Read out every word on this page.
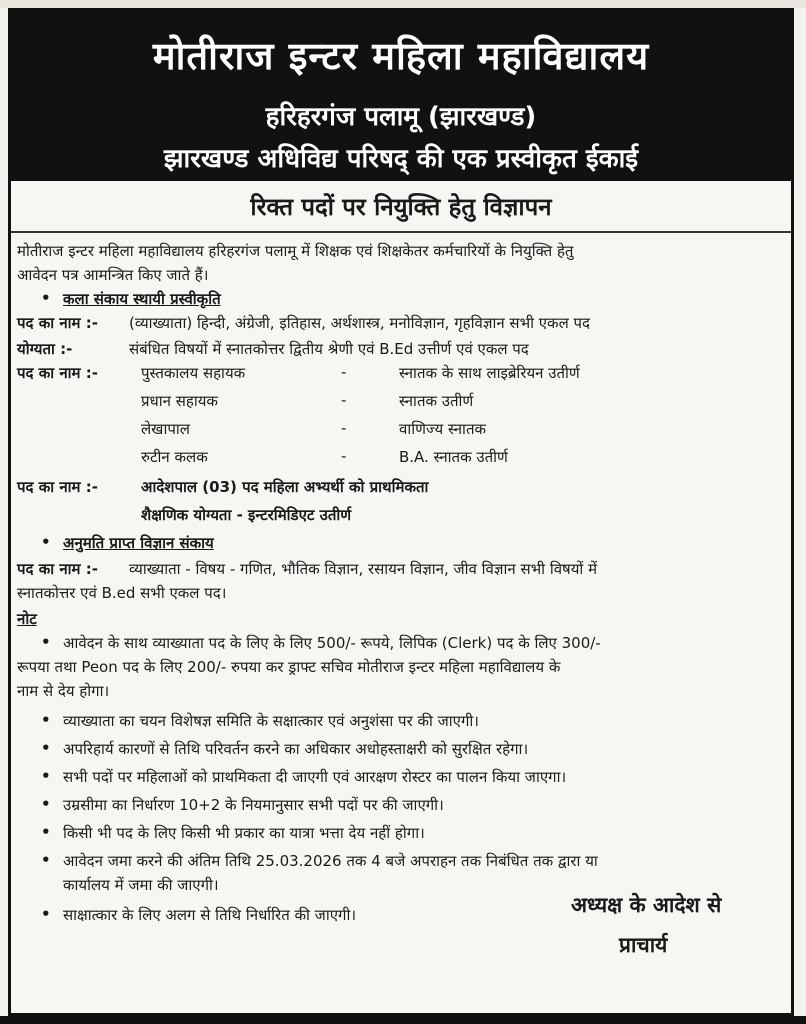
मोतीराज इन्टर महिला महाविद्यालय
हरिहरगंज पलामू (झारखण्ड)
झारखण्ड अधिविद्य परिषद् की एक प्रस्वीकृत ईकाई
रिक्त पदों पर नियुक्ति हेतु विज्ञापन
मोतीराज इन्टर महिला महाविद्यालय हरिहरगंज पलामू में शिक्षक एवं शिक्षकेतर कर्मचारियों के नियुक्ति हेतु
आवेदन पत्र आमन्त्रित किए जाते हैं।
• कला संकाय स्थायी प्रस्वीकृति
पद का नाम :- (व्याख्याता) हिन्दी, अंग्रेजी, इतिहास, अर्थशास्त्र, मनोविज्ञान, गृहविज्ञान सभी एकल पद
योग्यता :-	संबंधित विषयों में स्नातकोत्तर द्वितीय श्रेणी एवं B.Ed उत्तीर्ण एवं एकल पद
पद का नाम :-	पुस्तकालय सहायक	-	स्नातक के साथ लाइब्रेरियन उतीर्ण
प्रधान सहायक	-	स्नातक उतीर्ण
लेखापाल	-	वाणिज्य स्नातक
रुटीन कलक	-	B.A. स्नातक उतीर्ण
पद का नाम :-	आदेशपाल (03) पद महिला अभ्यर्थी को प्राथमिकता
शैक्षणिक योग्यता - इन्टरमिडिएट उतीर्ण
• अनुमति प्राप्त विज्ञान संकाय
पद का नाम :- व्याख्याता - विषय - गणित, भौतिक विज्ञान, रसायन विज्ञान, जीव विज्ञान सभी विषयों में
स्नातकोत्तर एवं B.ed सभी एकल पद।
नोट
• आवेदन के साथ व्याख्याता पद के लिए के लिए 500/- रूपये, लिपिक (Clerk) पद के लिए 300/-
रूपया तथा Peon पद के लिए 200/- रुपया कर ड्राफ्ट सचिव मोतीराज इन्टर महिला महाविद्यालय के
नाम से देय होगा।
• व्याख्याता का चयन विशेषज्ञ समिति के सक्षात्कार एवं अनुशंसा पर की जाएगी।
• अपरिहार्य कारणों से तिथि परिवर्तन करने का अधिकार अधोहस्ताक्षरी को सुरक्षित रहेगा।
• सभी पदों पर महिलाओं को प्राथमिकता दी जाएगी एवं आरक्षण रोस्टर का पालन किया जाएगा।
• उम्रसीमा का निर्धारण 10+2 के नियमानुसार सभी पदों पर की जाएगी।
• किसी भी पद के लिए किसी भी प्रकार का यात्रा भत्ता देय नहीं होगा।
• आवेदन जमा करने की अंतिम तिथि 25.03.2026 तक 4 बजे अपराहन तक निबंधित तक द्वारा या
कार्यालय में जमा की जाएगी।
• साक्षात्कार के लिए अलग से तिथि निर्धारित की जाएगी।	अध्यक्ष के आदेश से
प्राचार्य
